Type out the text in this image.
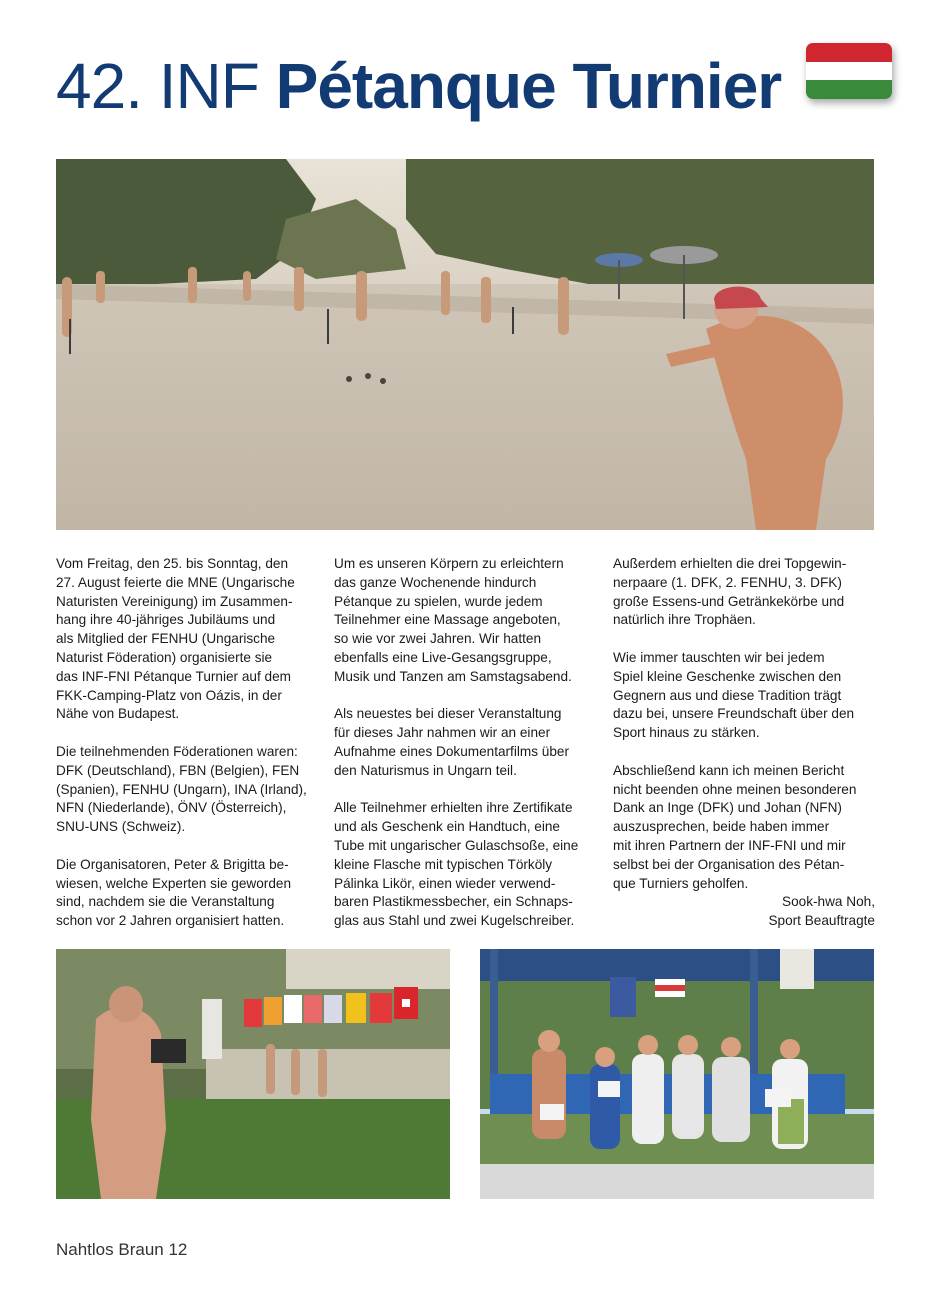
42. INF Pétanque Turnier

Vom Freitag, den 25. bis Sonntag, den
27. August feierte die MNE (Ungarische
Naturisten Vereinigung) im Zusammen-
hang ihre 40-jähriges Jubiläums und
als Mitglied der FENHU (Ungarische
Naturist Föderation) organisierte sie
das INF-FNI Pétanque Turnier auf dem
FKK-Camping-Platz von Oázis, in der
Nähe von Budapest.

Die teilnehmenden Föderationen waren:
DFK (Deutschland), FBN (Belgien), FEN
(Spanien), FENHU (Ungarn), INA (Irland),
NFN (Niederlande), ÖNV (Österreich),
SNU-UNS (Schweiz).

Die Organisatoren, Peter & Brigitta be-
wiesen, welche Experten sie geworden
sind, nachdem sie die Veranstaltung
schon vor 2 Jahren organisiert hatten.

Um es unseren Körpern zu erleichtern
das ganze Wochenende hindurch
Pétanque zu spielen, wurde jedem
Teilnehmer eine Massage angeboten,
so wie vor zwei Jahren. Wir hatten
ebenfalls eine Live-Gesangsgruppe,
Musik und Tanzen am Samstagsabend.

Als neuestes bei dieser Veranstaltung
für dieses Jahr nahmen wir an einer
Aufnahme eines Dokumentarfilms über
den Naturismus in Ungarn teil.

Alle Teilnehmer erhielten ihre Zertifikate
und als Geschenk ein Handtuch, eine
Tube mit ungarischer Gulaschsoße, eine
kleine Flasche mit typischen Törköly
Pálinka Likör, einen wieder verwend-
baren Plastikmessbecher, ein Schnaps-
glas aus Stahl und zwei Kugelschreiber.

Außerdem erhielten die drei Topgewin-
nerpaare (1. DFK, 2. FENHU, 3. DFK)
große Essens-und Getränkekörbe und
natürlich ihre Trophäen.

Wie immer tauschten wir bei jedem
Spiel kleine Geschenke zwischen den
Gegnern aus und diese Tradition trägt
dazu bei, unsere Freundschaft über den
Sport hinaus zu stärken.

Abschließend kann ich meinen Bericht
nicht beenden ohne meinen besonderen
Dank an Inge (DFK) und Johan (NFN)
auszusprechen, beide haben immer
mit ihren Partnern der INF-FNI und mir
selbst bei der Organisation des Pétan-
que Turniers geholfen.

Sook-hwa Noh,
Sport Beauftragte

Nahtlos Braun 12
